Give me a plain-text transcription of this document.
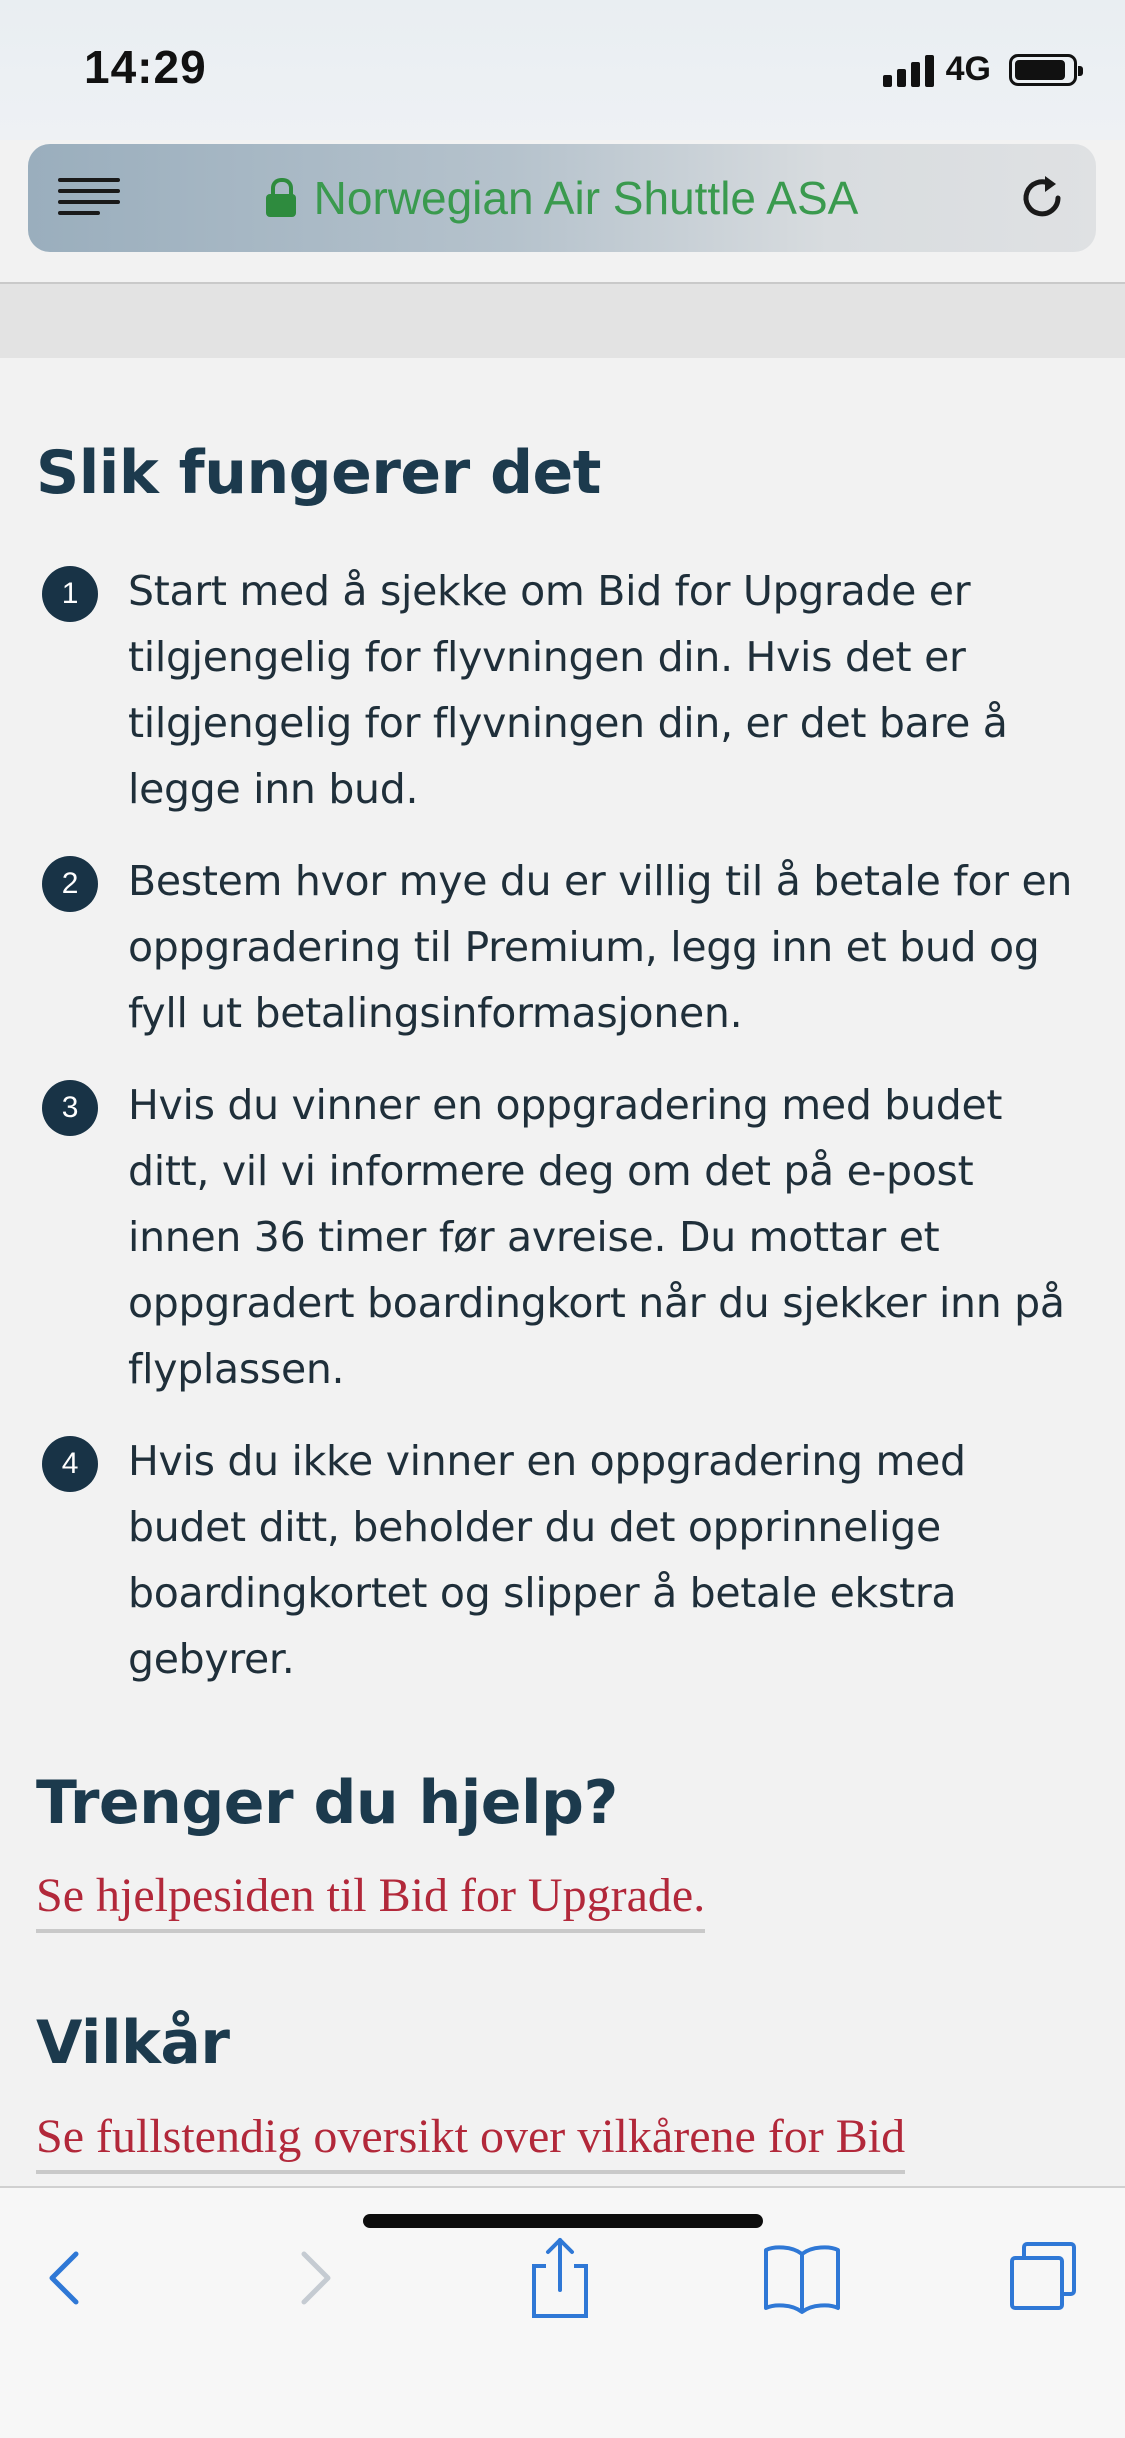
14:29	4G
Norwegian Air Shuttle ASA
Slik fungerer det
1	Start med å sjekke om Bid for Upgrade er tilgjengelig for flyvningen din. Hvis det er tilgjengelig for flyvningen din, er det bare å legge inn bud.
2	Bestem hvor mye du er villig til å betale for en oppgradering til Premium, legg inn et bud og fyll ut betalingsinformasjonen.
3	Hvis du vinner en oppgradering med budet ditt, vil vi informere deg om det på e-post innen 36 timer før avreise. Du mottar et oppgradert boardingkort når du sjekker inn på flyplassen.
4	Hvis du ikke vinner en oppgradering med budet ditt, beholder du det opprinnelige boardingkortet og slipper å betale ekstra gebyrer.
Trenger du hjelp?
Se hjelpesiden til Bid for Upgrade.
Vilkår
Se fullstendig oversikt over vilkårene for Bid
